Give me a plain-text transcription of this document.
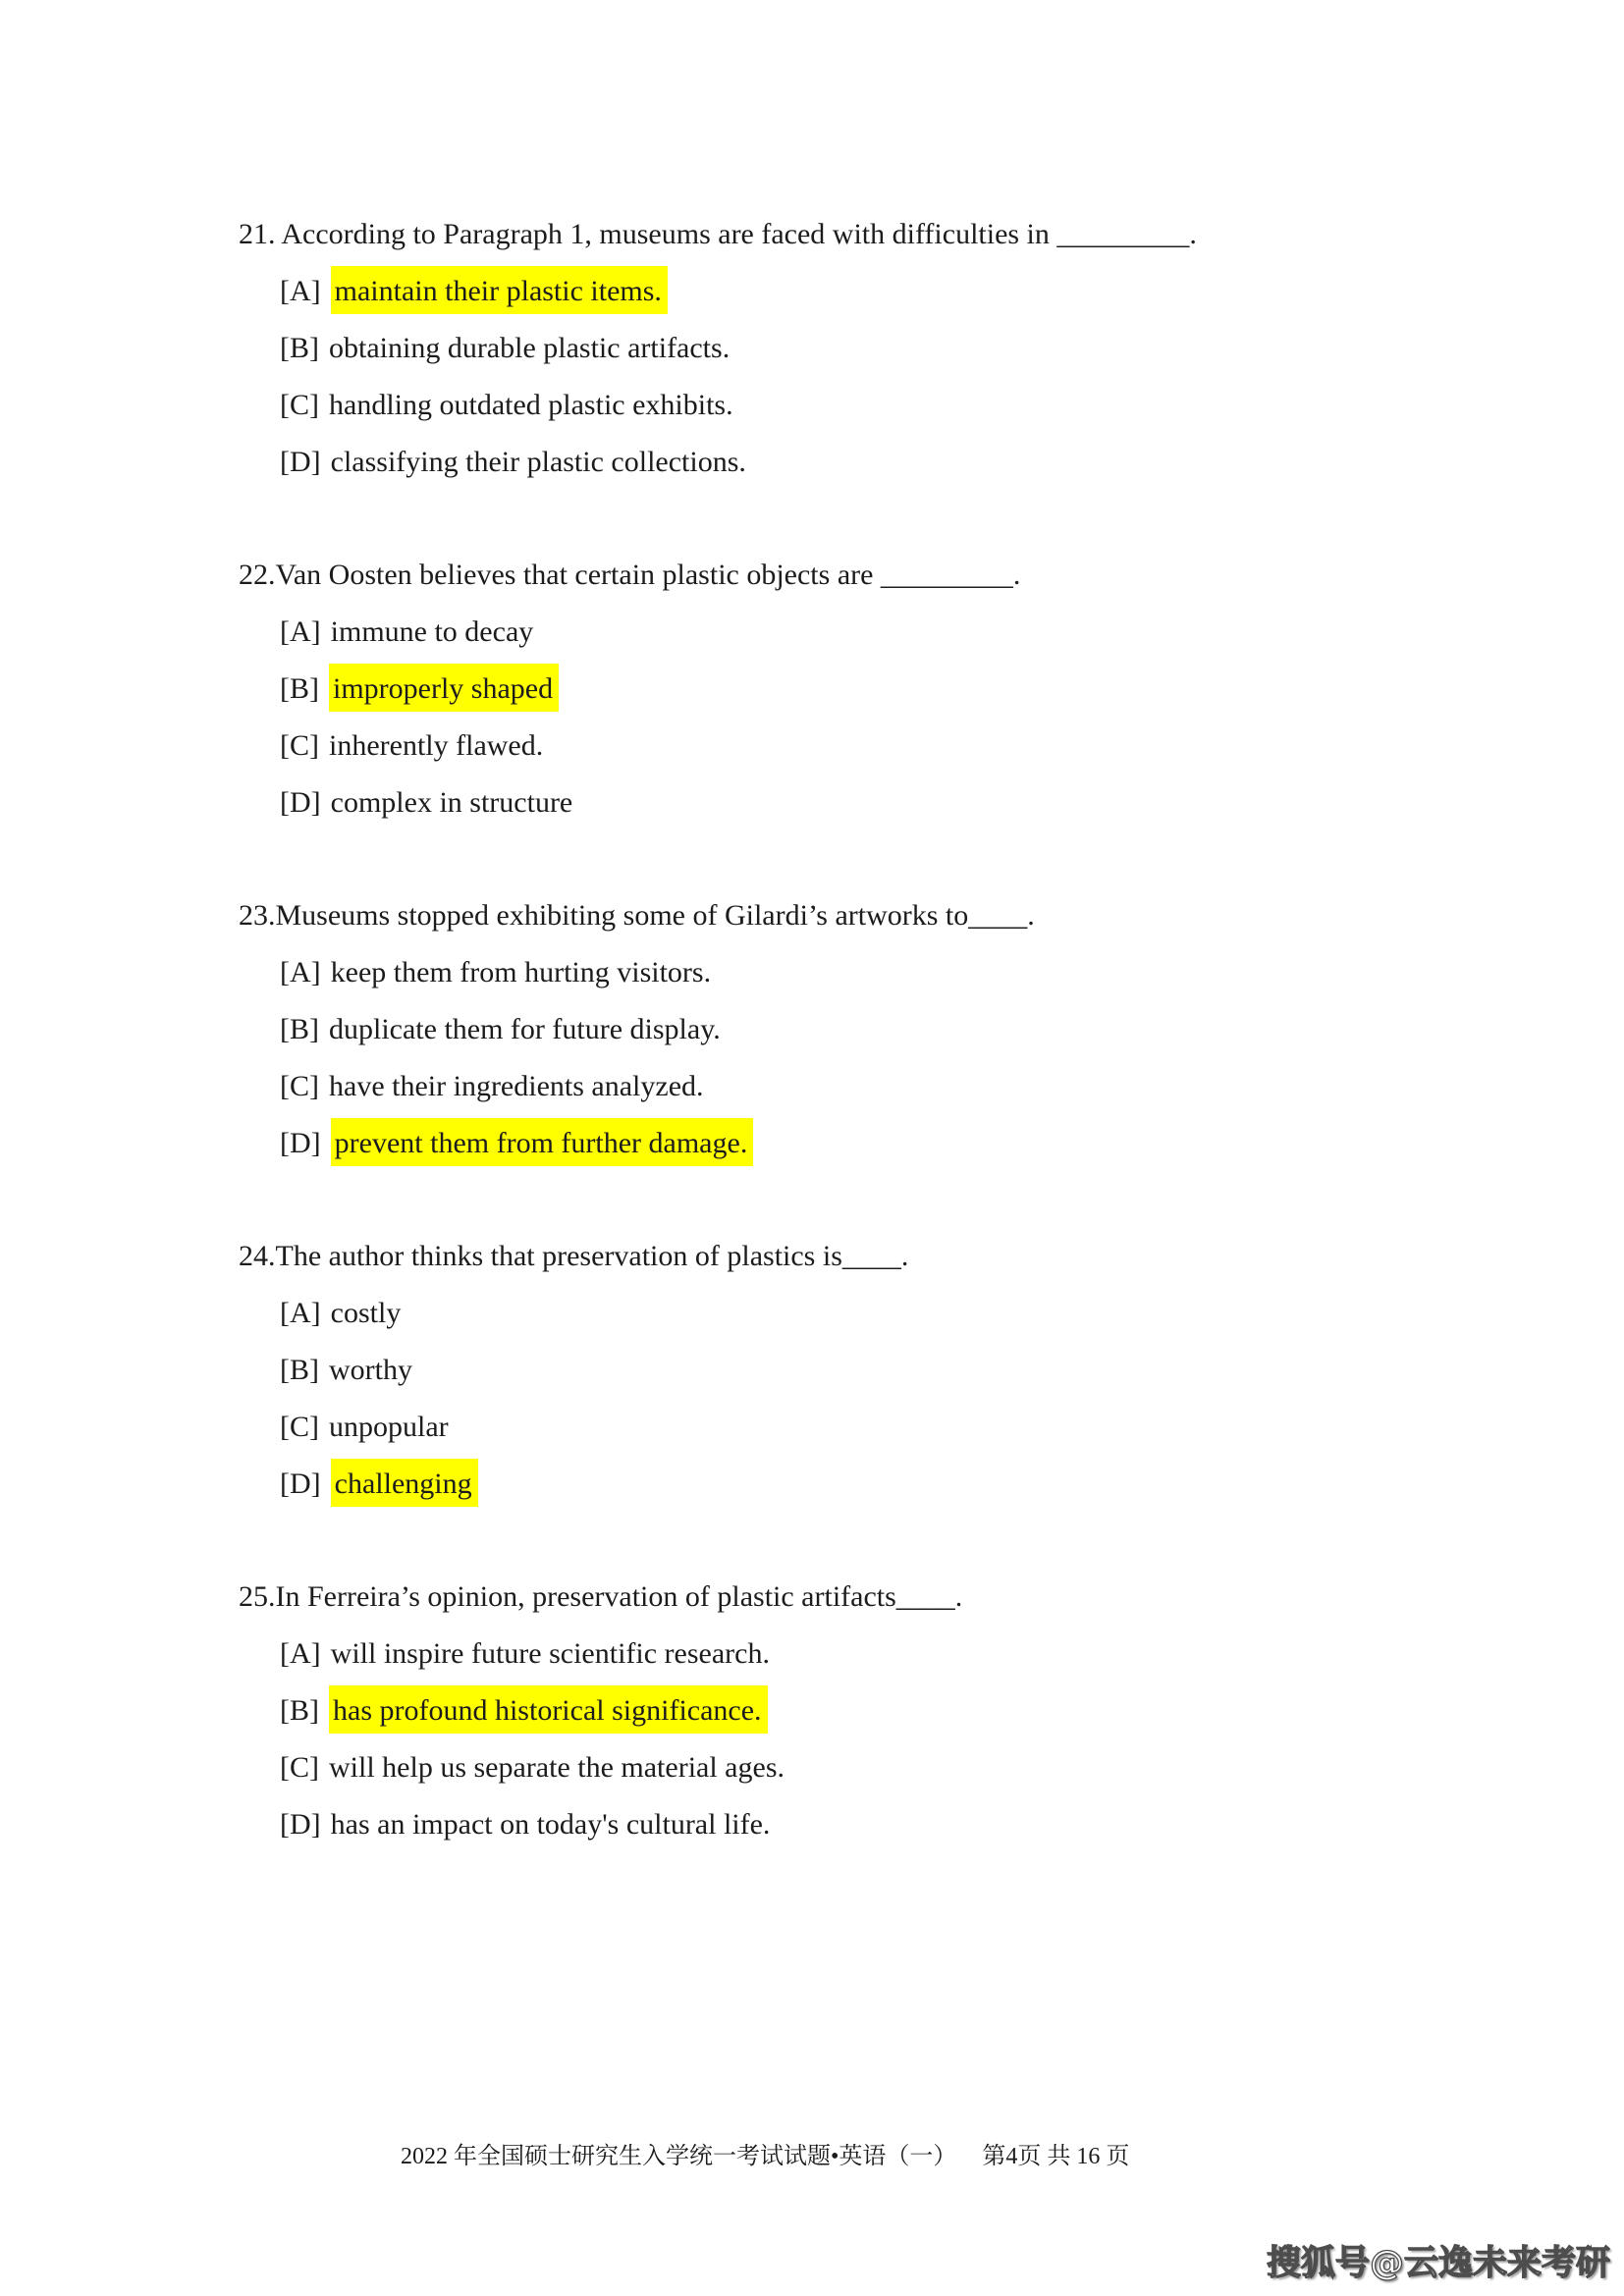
21. According to Paragraph 1, museums are faced with difficulties in _________.
[A] maintain their plastic items.
[B] obtaining durable plastic artifacts.
[C] handling outdated plastic exhibits.
[D] classifying their plastic collections.
22.Van Oosten believes that certain plastic objects are _________.
[A] immune to decay
[B] improperly shaped
[C] inherently flawed.
[D] complex in structure
23.Museums stopped exhibiting some of Gilardi’s artworks to____.
[A] keep them from hurting visitors.
[B] duplicate them for future display.
[C] have their ingredients analyzed.
[D] prevent them from further damage.
24.The author thinks that preservation of plastics is____.
[A] costly
[B] worthy
[C] unpopular
[D] challenging
25.In Ferreira’s opinion, preservation of plastic artifacts____.
[A] will inspire future scientific research.
[B] has profound historical significance.
[C] will help us separate the material ages.
[D] has an impact on today's cultural life.
2022 年全国硕士研究生入学统一考试试题•英语（一） 第4页 共 16 页
搜狐号@云逸未来考研
